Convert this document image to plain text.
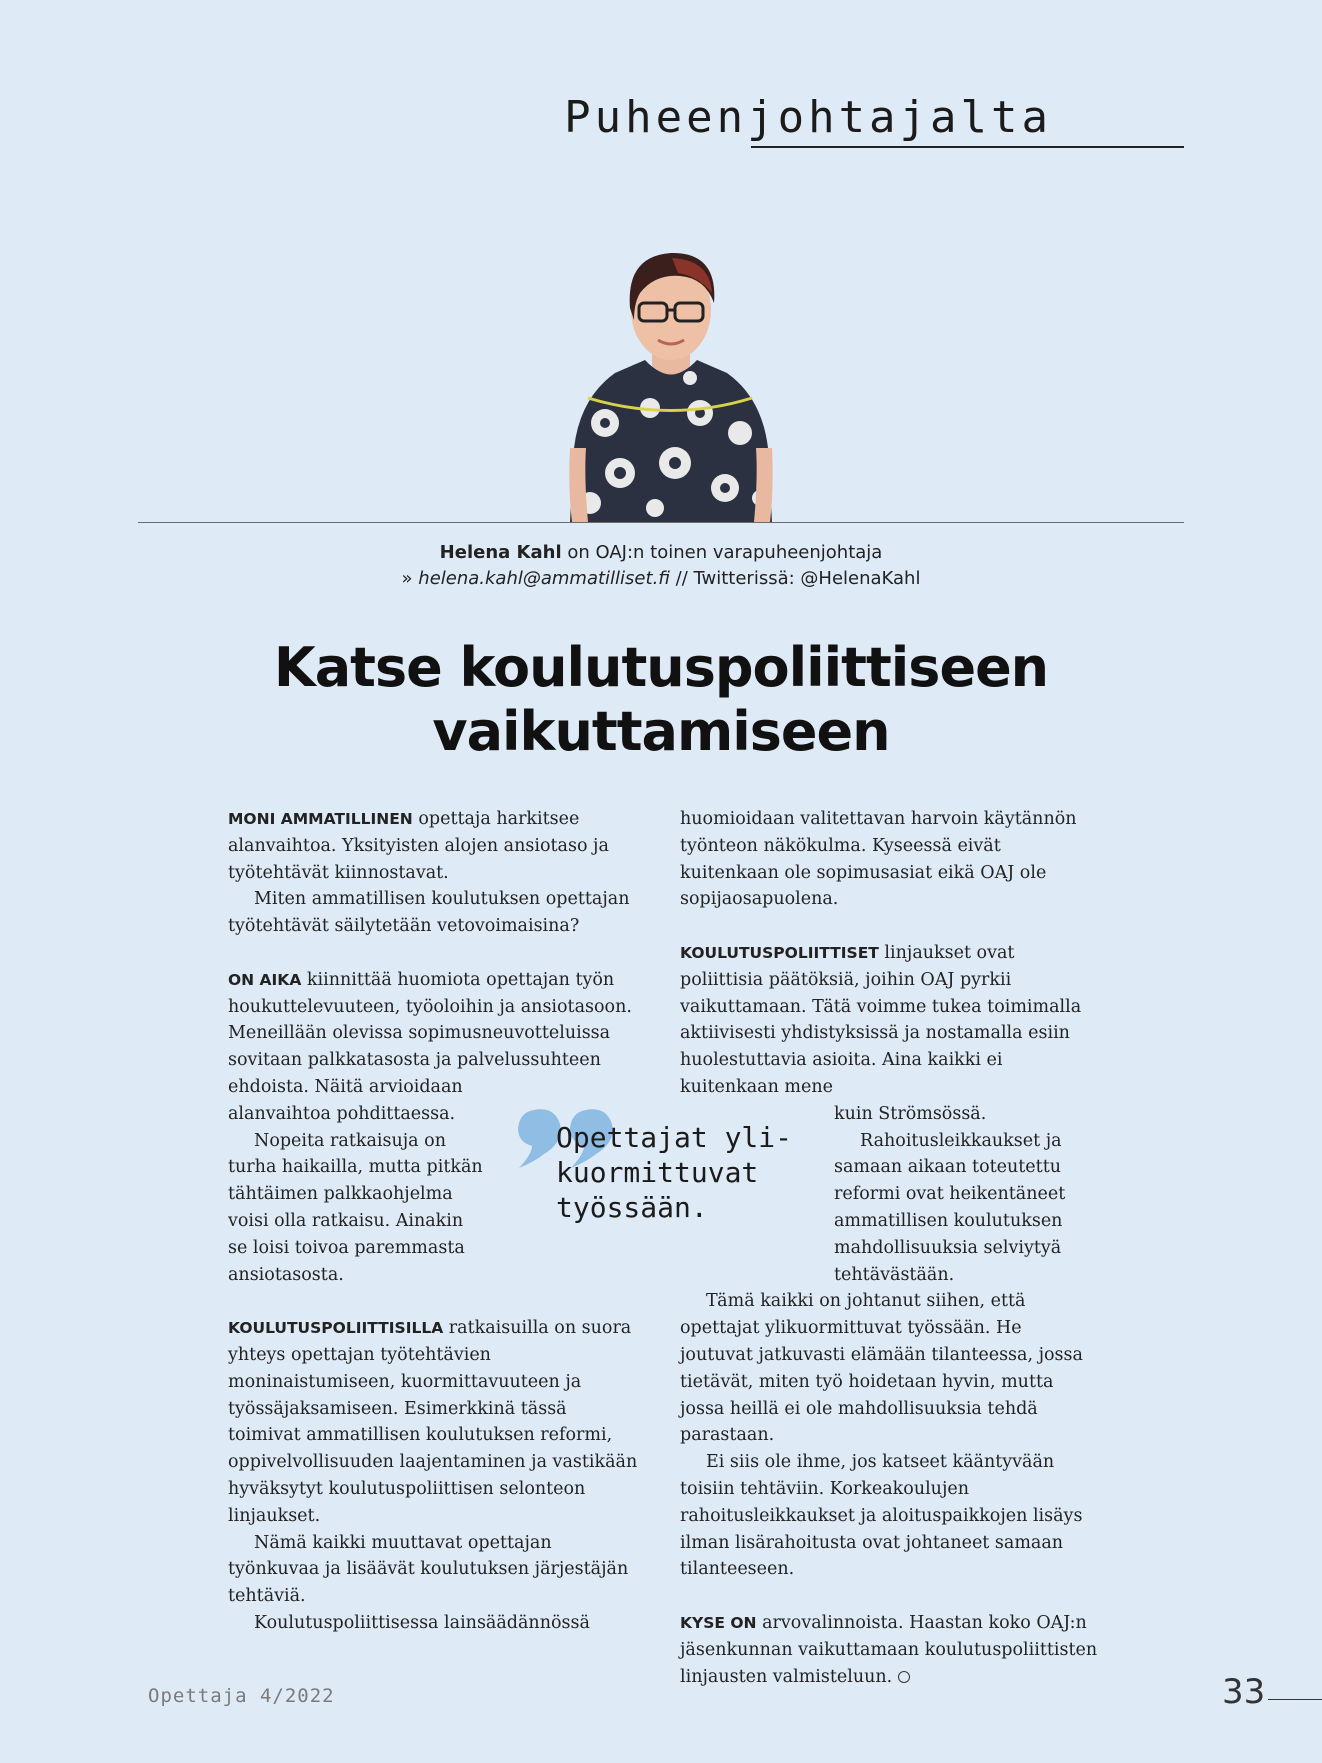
Puheenjohtajalta
Helena Kahl on OAJ:n toinen varapuheenjohtaja
» helena.kahl@ammatilliset.fi // Twitterissä: @HelenaKahl
Katse koulutuspoliittiseen
vaikuttamiseen

MONI AMMATILLINEN opettaja harkitsee alanvaihtoa. Yksityisten alojen ansiotaso ja työtehtävät kiinnostavat.

Miten ammatillisen koulutuksen opettajan työtehtävät säilytetään vetovoimaisina?

ON AIKA kiinnittää huomiota opettajan työn houkuttelevuuteen, työoloihin ja ansiotasoon. Meneillään olevissa sopimusneuvotteluissa sovitaan palkkatasosta ja palvelussuhteen

ehdoista. Näitä arvioidaan alanvaihtoa pohdittaessa.

Nopeita ratkaisuja on turha haikailla, mutta pitkän tähtäimen palkkaohjelma voisi olla ratkaisu. Ainakin se loisi toivoa paremmasta ansiotasosta.

KOULUTUSPOLIITTISILLA ratkaisuilla on suora yhteys opettajan työtehtävien moninaistumiseen, kuormittavuuteen ja työssäjaksamiseen. Esimerkkinä tässä toimivat ammatillisen koulutuksen reformi, oppivelvollisuuden laajentaminen ja vastikään hyväksytyt koulutuspoliittisen selonteon linjaukset.

Nämä kaikki muuttavat opettajan työnkuvaa ja lisäävät koulutuksen järjestäjän tehtäviä.

Koulutuspoliittisessa lainsäädännössä

huomioidaan valitettavan harvoin käytännön työnteon näkökulma. Kyseessä eivät kuitenkaan ole sopimusasiat eikä OAJ ole sopijaosapuolena.

KOULUTUSPOLIITTISET linjaukset ovat poliittisia päätöksiä, joihin OAJ pyrkii vaikuttamaan. Tätä voimme tukea toimimalla aktiivisesti yhdistyksissä ja nostamalla esiin huolestuttavia asioita. Aina kaikki ei kuitenkaan mene

kuin Strömsössä.

Rahoitusleikkaukset ja samaan aikaan toteutettu reformi ovat heikentäneet ammatillisen koulutuksen mahdollisuuksia selviytyä tehtävästään.

Tämä kaikki on johtanut siihen, että opettajat ylikuormittuvat työssään. He joutuvat jatkuvasti elämään tilanteessa, jossa tietävät, miten työ hoidetaan hyvin, mutta jossa heillä ei ole mahdollisuuksia tehdä parastaan.

Ei siis ole ihme, jos katseet kääntyvään toisiin tehtäviin. Korkeakoulujen rahoitusleikkaukset ja aloituspaikkojen lisäys ilman lisärahoitusta ovat johtaneet samaan tilanteeseen.

KYSE ON arvovalinnoista. Haastan koko OAJ:n jäsenkunnan vaikuttamaan koulutuspoliittisten linjausten valmisteluun.

Opettajat yli-
kuormittuvat
työssään.
Opettaja 4/2022	33
